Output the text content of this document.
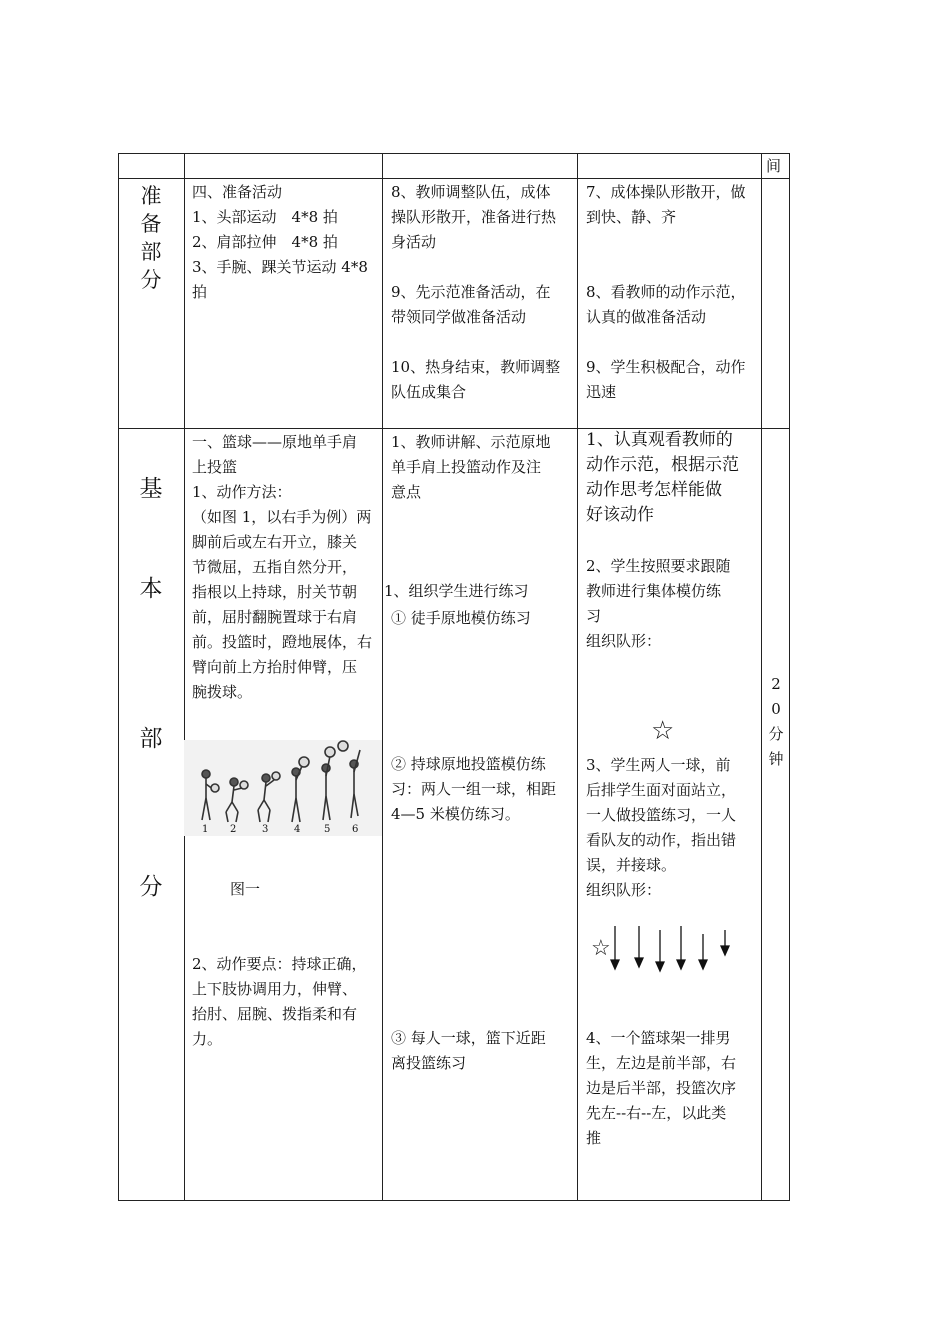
间
准
备
部
分

四、准备活动

1、头部运动　4*8 拍

2、肩部拉伸　4*8 拍

3、手腕、踝关节运动 4*8

拍

8、教师调整队伍，成体

操队形散开，准备进行热

身活动

9、先示范准备活动，在

带领同学做准备活动

10、热身结束，教师调整

队伍成集合

7、成体操队形散开，做

到快、静、齐

8、看教师的动作示范，

认真的做准备活动

9、学生积极配合，动作

迅速

基
本
部
分

一、篮球——原地单手肩

上投篮

1、动作方法：

（如图 1，以右手为例）两

脚前后或左右开立，膝关

节微屈，五指自然分开，

指根以上持球，肘关节朝

前，屈肘翻腕置球于右肩

前。投篮时，蹬地展体，右

臂向前上方抬肘伸臂，压

腕拨球。

1 2 3 4 5 6
图一

2、动作要点：持球正确，

上下肢协调用力，伸臂、

抬肘、屈腕、拨指柔和有

力。

1、教师讲解、示范原地

单手肩上投篮动作及注

意点

1、组织学生进行练习

① 徒手原地模仿练习

② 持球原地投篮模仿练

习：两人一组一球，相距

4—5 米模仿练习。

③ 每人一球，篮下近距

离投篮练习

1、认真观看教师的

动作示范，根据示范

动作思考怎样能做

好该动作

2、学生按照要求跟随

教师进行集体模仿练

习

组织队形：

☆

3、学生两人一球，前

后排学生面对面站立，

一人做投篮练习，一人

看队友的动作，指出错

误，并接球。

组织队形：

☆

4、一个篮球架一排男

生，左边是前半部，右

边是后半部，投篮次序

先左--右--左，以此类

推

2
0
分
钟
